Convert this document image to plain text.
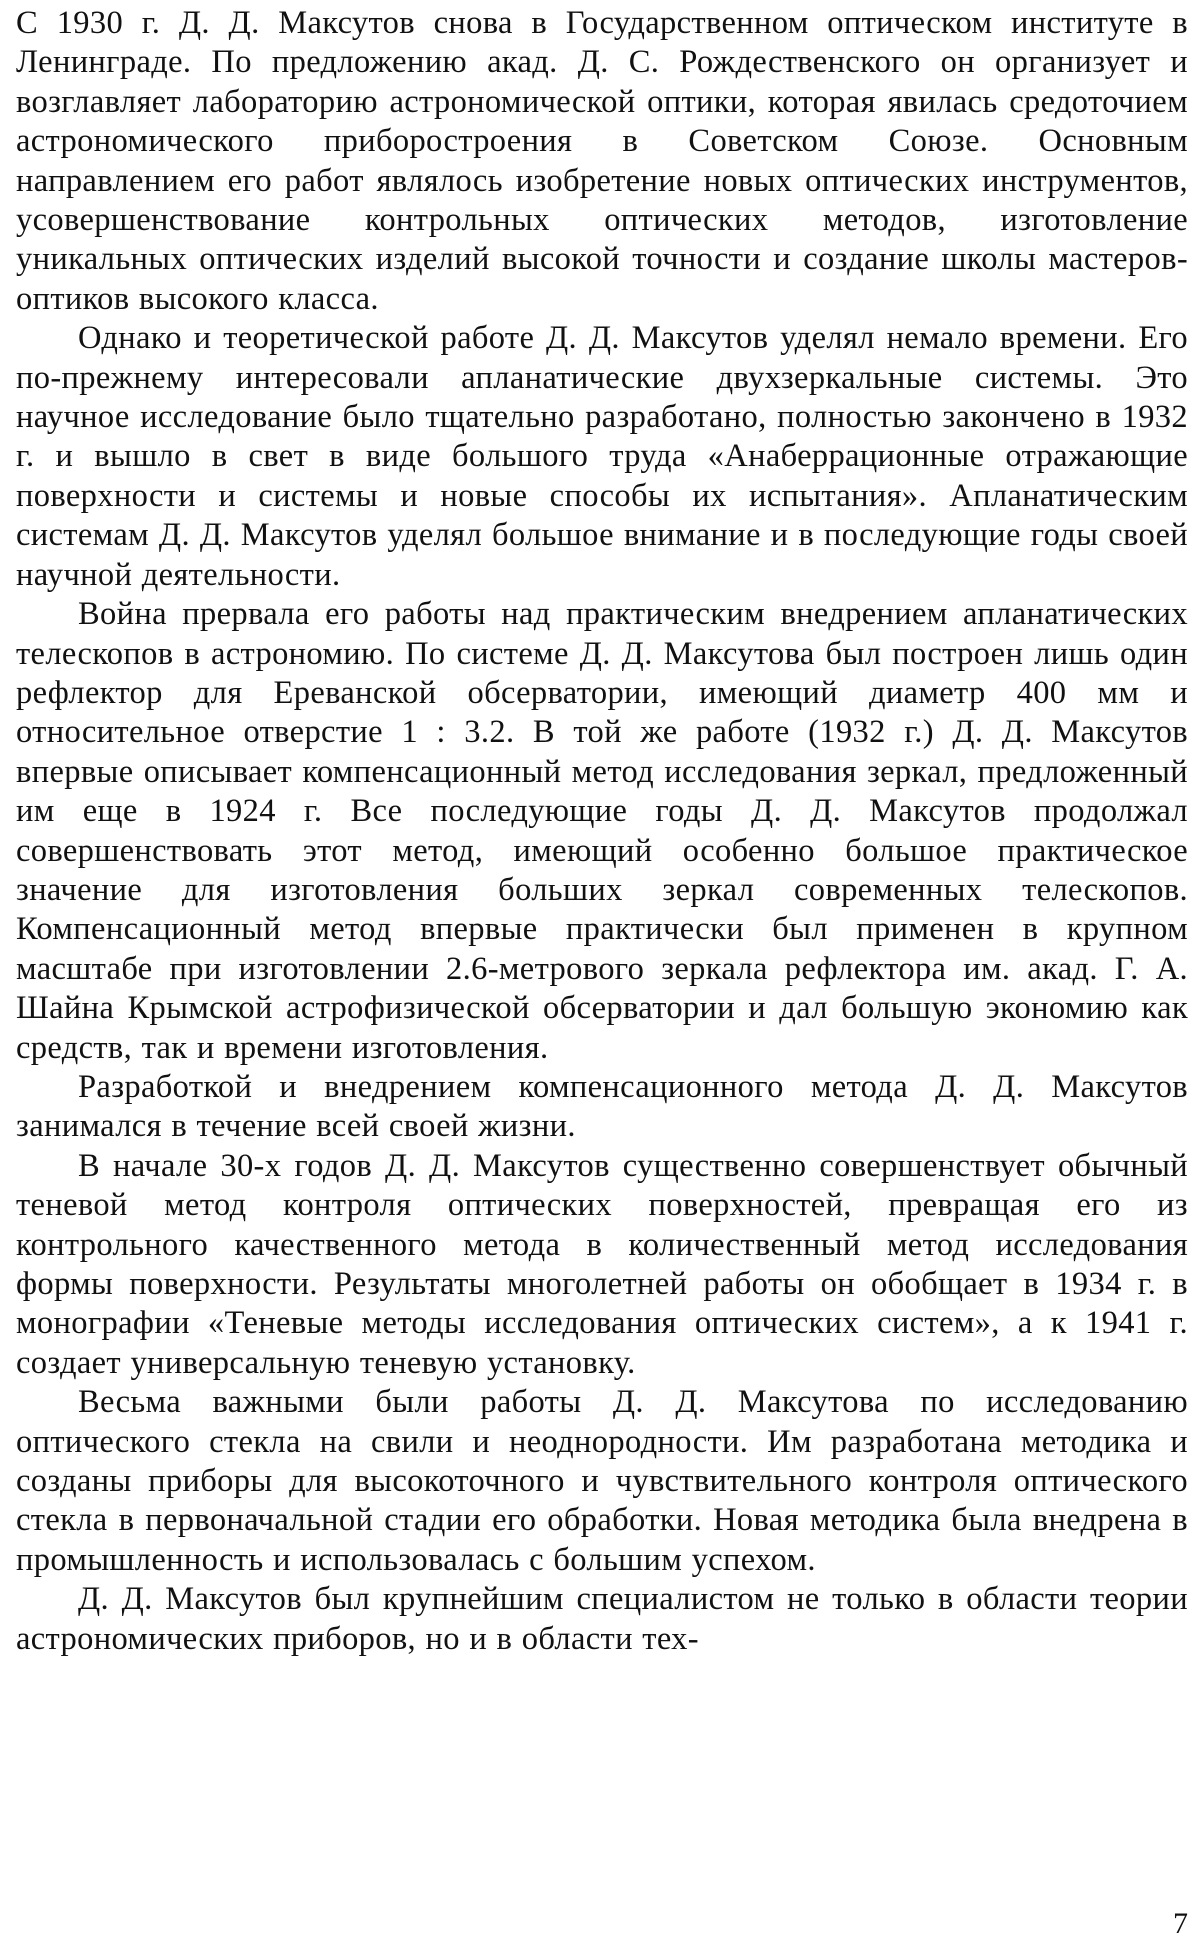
С 1930 г. Д. Д. Максутов снова в Государственном оптическом институте в Ленинграде. По предложению акад. Д. С. Рождественского он организует и возглавляет лабораторию астрономической оптики, которая явилась средоточием астрономического приборостроения в Советском Союзе. Основным направлением его работ являлось изобретение новых оптических инструментов, усовершенствование контрольных оптических методов, изготовление уникальных оптических изделий высокой точности и создание школы мастеров-оптиков высокого класса.

Однако и теоретической работе Д. Д. Максутов уделял немало времени. Его по-прежнему интересовали апланатические двухзеркальные системы. Это научное исследование было тщательно разработано, полностью закончено в 1932 г. и вышло в свет в виде большого труда «Анаберрационные отражающие поверхности и системы и новые способы их испытания». Апланатическим системам Д. Д. Максутов уделял большое внимание и в последующие годы своей научной деятельности.

Война прервала его работы над практическим внедрением апланатических телескопов в астрономию. По системе Д. Д. Максутова был построен лишь один рефлектор для Ереванской обсерватории, имеющий диаметр 400 мм и относительное отверстие 1 : 3.2. В той же работе (1932 г.) Д. Д. Максутов впервые описывает компенсационный метод исследования зеркал, предложенный им еще в 1924 г. Все последующие годы Д. Д. Максутов продолжал совершенствовать этот метод, имеющий особенно большое практическое значение для изготовления больших зеркал современных телескопов. Компенсационный метод впервые практически был применен в крупном масштабе при изготовлении 2.6-метрового зеркала рефлектора им. акад. Г. А. Шайна Крымской астрофизической обсерватории и дал большую экономию как средств, так и времени изготовления.

Разработкой и внедрением компенсационного метода Д. Д. Максутов занимался в течение всей своей жизни.

В начале 30-х годов Д. Д. Максутов существенно совершенствует обычный теневой метод контроля оптических поверхностей, превращая его из контрольного качественного метода в количественный метод исследования формы поверхности. Результаты многолетней работы он обобщает в 1934 г. в монографии «Теневые методы исследования оптических систем», а к 1941 г. создает универсальную теневую установку.

Весьма важными были работы Д. Д. Максутова по исследованию оптического стекла на свили и неоднородности. Им разработана методика и созданы приборы для высокоточного и чувствительного контроля оптического стекла в первоначальной стадии его обработки. Новая методика была внедрена в промышленность и использовалась с большим успехом.

Д. Д. Максутов был крупнейшим специалистом не только в области теории астрономических приборов, но и в области тех-

7
